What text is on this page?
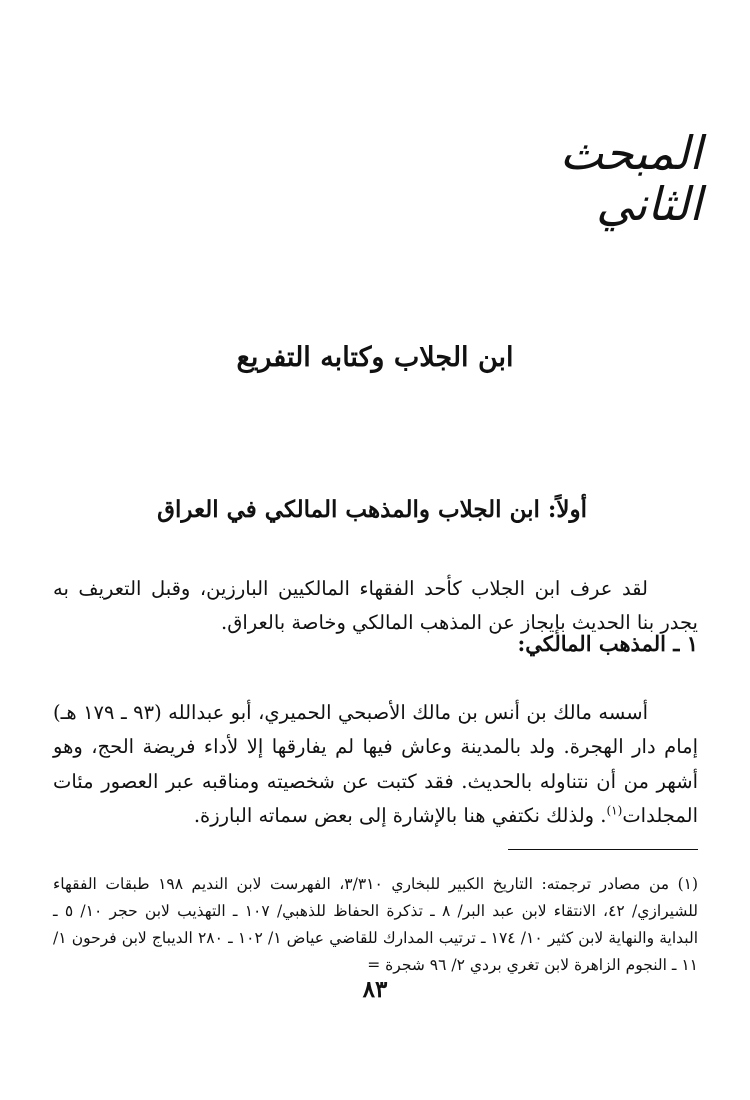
المبحث الثاني
ابن الجلاب وكتابه التفريع
أولاً: ابن الجلاب والمذهب المالكي في العراق

لقد عرف ابن الجلاب كأحد الفقهاء المالكيين البارزين، وقبل التعريف به يجدر بنا الحديث بإيجاز عن المذهب المالكي وخاصة بالعراق.

١ ـ المذهب المالكي:

أسسه مالك بن أنس بن مالك الأصبحي الحميري، أبو عبدالله (٩٣ ـ ١٧٩ هـ) إمام دار الهجرة. ولد بالمدينة وعاش فيها لم يفارقها إلا لأداء فريضة الحج، وهو أشهر من أن نتناوله بالحديث. فقد كتبت عن شخصيته ومناقبه عبر العصور مئات المجلدات$^{(١)}$. ولذلك نكتفي هنا بالإشارة إلى بعض سماته البارزة.

(١) من مصادر ترجمته: التاريخ الكبير للبخاري ٣/٣١٠، الفهرست لابن النديم ١٩٨ طبقات الفقهاء للشيرازي/ ٤٢، الانتقاء لابن عبد البر/ ٨ ـ تذكرة الحفاظ للذهبي/ ١٠٧ ـ التهذيب لابن حجر ١٠/ ٥ ـ البداية والنهاية لابن كثير ١٠/ ١٧٤ ـ ترتيب المدارك للقاضي عياض ١/ ١٠٢ ـ ٢٨٠ الديباج لابن فرحون ١/ ١١ ـ النجوم الزاهرة لابن تغري بردي ٢/ ٩٦ شجرة =

٨٣
